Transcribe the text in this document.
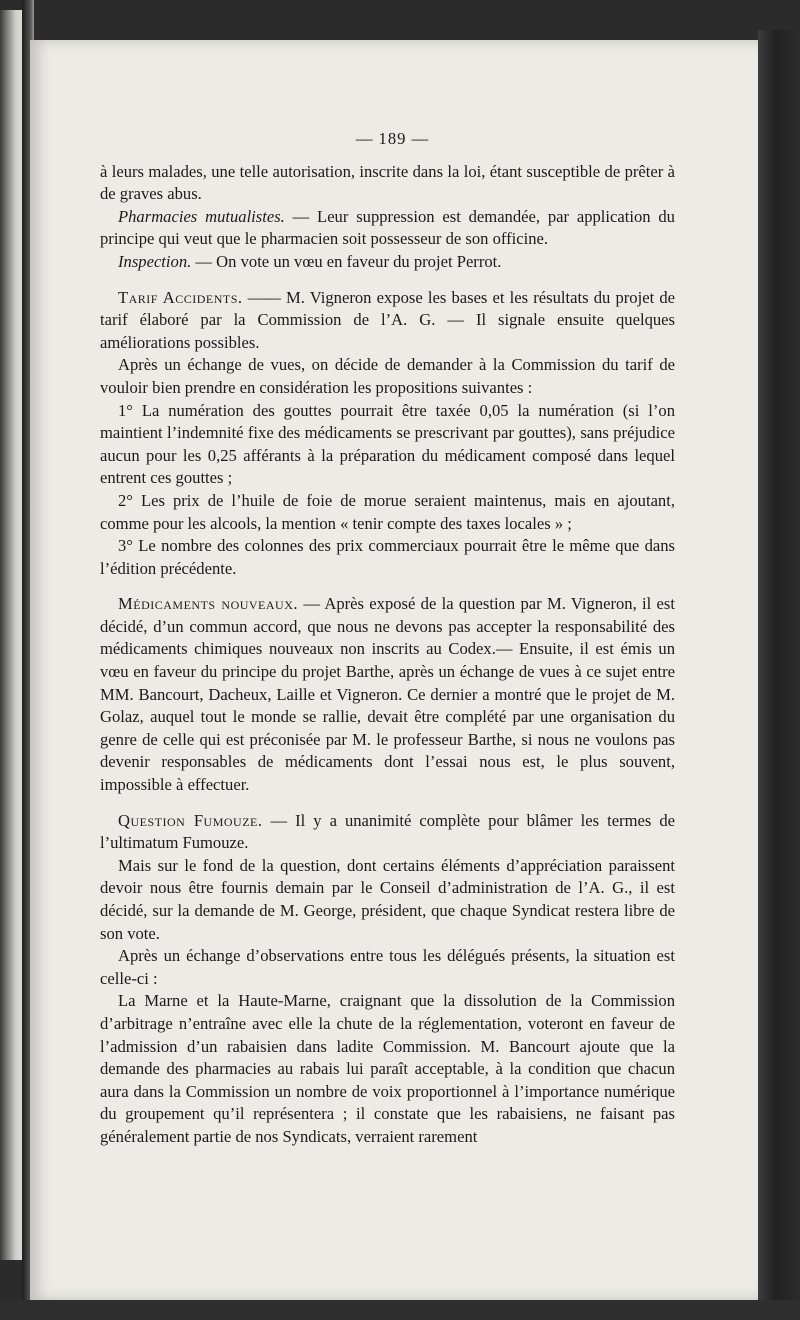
— 189 —

à leurs malades, une telle autorisation, inscrite dans la loi, étant susceptible de prêter à de graves abus.

Pharmacies mutualistes. — Leur suppression est demandée, par application du principe qui veut que le pharmacien soit possesseur de son officine.

Inspection. — On vote un vœu en faveur du projet Perrot.

Tarif Accidents. —— M. Vigneron expose les bases et les résultats du projet de tarif élaboré par la Commission de l’A. G. — Il signale ensuite quelques améliorations possibles.

Après un échange de vues, on décide de demander à la Commission du tarif de vouloir bien prendre en considération les propositions suivantes :

1° La numération des gouttes pourrait être taxée 0,05 la numération (si l’on maintient l’indemnité fixe des médicaments se prescrivant par gouttes), sans préjudice aucun pour les 0,25 afférants à la préparation du médicament composé dans lequel entrent ces gouttes ;

2° Les prix de l’huile de foie de morue seraient maintenus, mais en ajoutant, comme pour les alcools, la mention « tenir compte des taxes locales » ;

3° Le nombre des colonnes des prix commerciaux pourrait être le même que dans l’édition précédente.

Médicaments nouveaux. — Après exposé de la question par M. Vigneron, il est décidé, d’un commun accord, que nous ne devons pas accepter la responsabilité des médicaments chimiques nouveaux non inscrits au Codex.— Ensuite, il est émis un vœu en faveur du principe du projet Barthe, après un échange de vues à ce sujet entre MM. Bancourt, Dacheux, Laille et Vigneron. Ce dernier a montré que le projet de M. Golaz, auquel tout le monde se rallie, devait être complété par une organisation du genre de celle qui est préconisée par M. le professeur Barthe, si nous ne voulons pas devenir responsables de médicaments dont l’essai nous est, le plus souvent, impossible à effectuer.

Question Fumouze. — Il y a unanimité complète pour blâmer les termes de l’ultimatum Fumouze.

Mais sur le fond de la question, dont certains éléments d’appréciation paraissent devoir nous être fournis demain par le Conseil d’administration de l’A. G., il est décidé, sur la demande de M. George, président, que chaque Syndicat restera libre de son vote.

Après un échange d’observations entre tous les délégués présents, la situation est celle-ci :

La Marne et la Haute-Marne, craignant que la dissolution de la Commission d’arbitrage n’entraîne avec elle la chute de la réglementation, voteront en faveur de l’admission d’un rabaisien dans ladite Commission. M. Bancourt ajoute que la demande des pharmacies au rabais lui paraît acceptable, à la condition que chacun aura dans la Commission un nombre de voix proportionnel à l’importance numérique du groupement qu’il représentera ; il constate que les rabaisiens, ne faisant pas généralement partie de nos Syndicats, verraient rarement
